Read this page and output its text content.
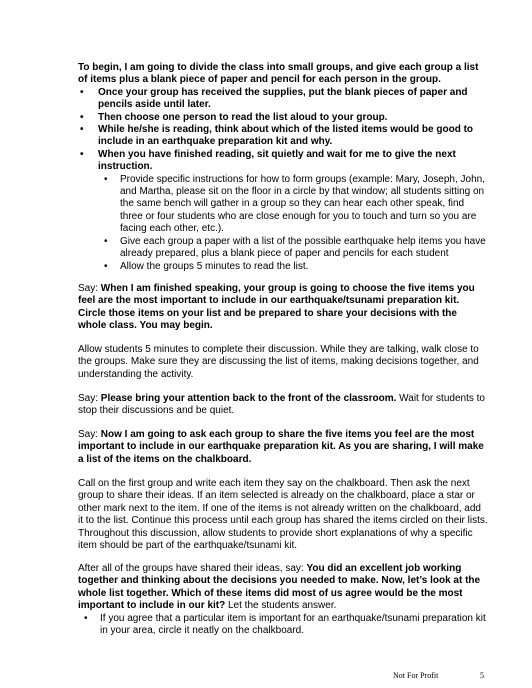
To begin, I am going to divide the class into small groups, and give each group a list of items plus a blank piece of paper and pencil for each person in the group.

• Once your group has received the supplies, put the blank pieces of paper and pencils aside until later.
• Then choose one person to read the list aloud to your group.
• While he/she is reading, think about which of the listed items would be good to include in an earthquake preparation kit and why.
• When you have finished reading, sit quietly and wait for me to give the next instruction.
• Provide specific instructions for how to form groups (example: Mary, Joseph, John, and Martha, please sit on the floor in a circle by that window; all students sitting on the same bench will gather in a group so they can hear each other speak, find three or four students who are close enough for you to touch and turn so you are facing each other, etc.).
• Give each group a paper with a list of the possible earthquake help items you have already prepared, plus a blank piece of paper and pencils for each student
• Allow the groups 5 minutes to read the list.

Say: When I am finished speaking, your group is going to choose the five items you feel are the most important to include in our earthquake/tsunami preparation kit. Circle those items on your list and be prepared to share your decisions with the whole class. You may begin.

Allow students 5 minutes to complete their discussion. While they are talking, walk close to the groups. Make sure they are discussing the list of items, making decisions together, and understanding the activity.

Say: Please bring your attention back to the front of the classroom. Wait for students to stop their discussions and be quiet.

Say: Now I am going to ask each group to share the five items you feel are the most important to include in our earthquake preparation kit. As you are sharing, I will make a list of the items on the chalkboard.

Call on the first group and write each item they say on the chalkboard. Then ask the next group to share their ideas. If an item selected is already on the chalkboard, place a star or other mark next to the item. If one of the items is not already written on the chalkboard, add it to the list. Continue this process until each group has shared the items circled on their lists. Throughout this discussion, allow students to provide short explanations of why a specific item should be part of the earthquake/tsunami kit.

After all of the groups have shared their ideas, say: You did an excellent job working together and thinking about the decisions you needed to make. Now, let’s look at the whole list together. Which of these items did most of us agree would be the most important to include in our kit? Let the students answer.

• If you agree that a particular item is important for an earthquake/tsunami preparation kit in your area, circle it neatly on the chalkboard.
Not For Profit	5
